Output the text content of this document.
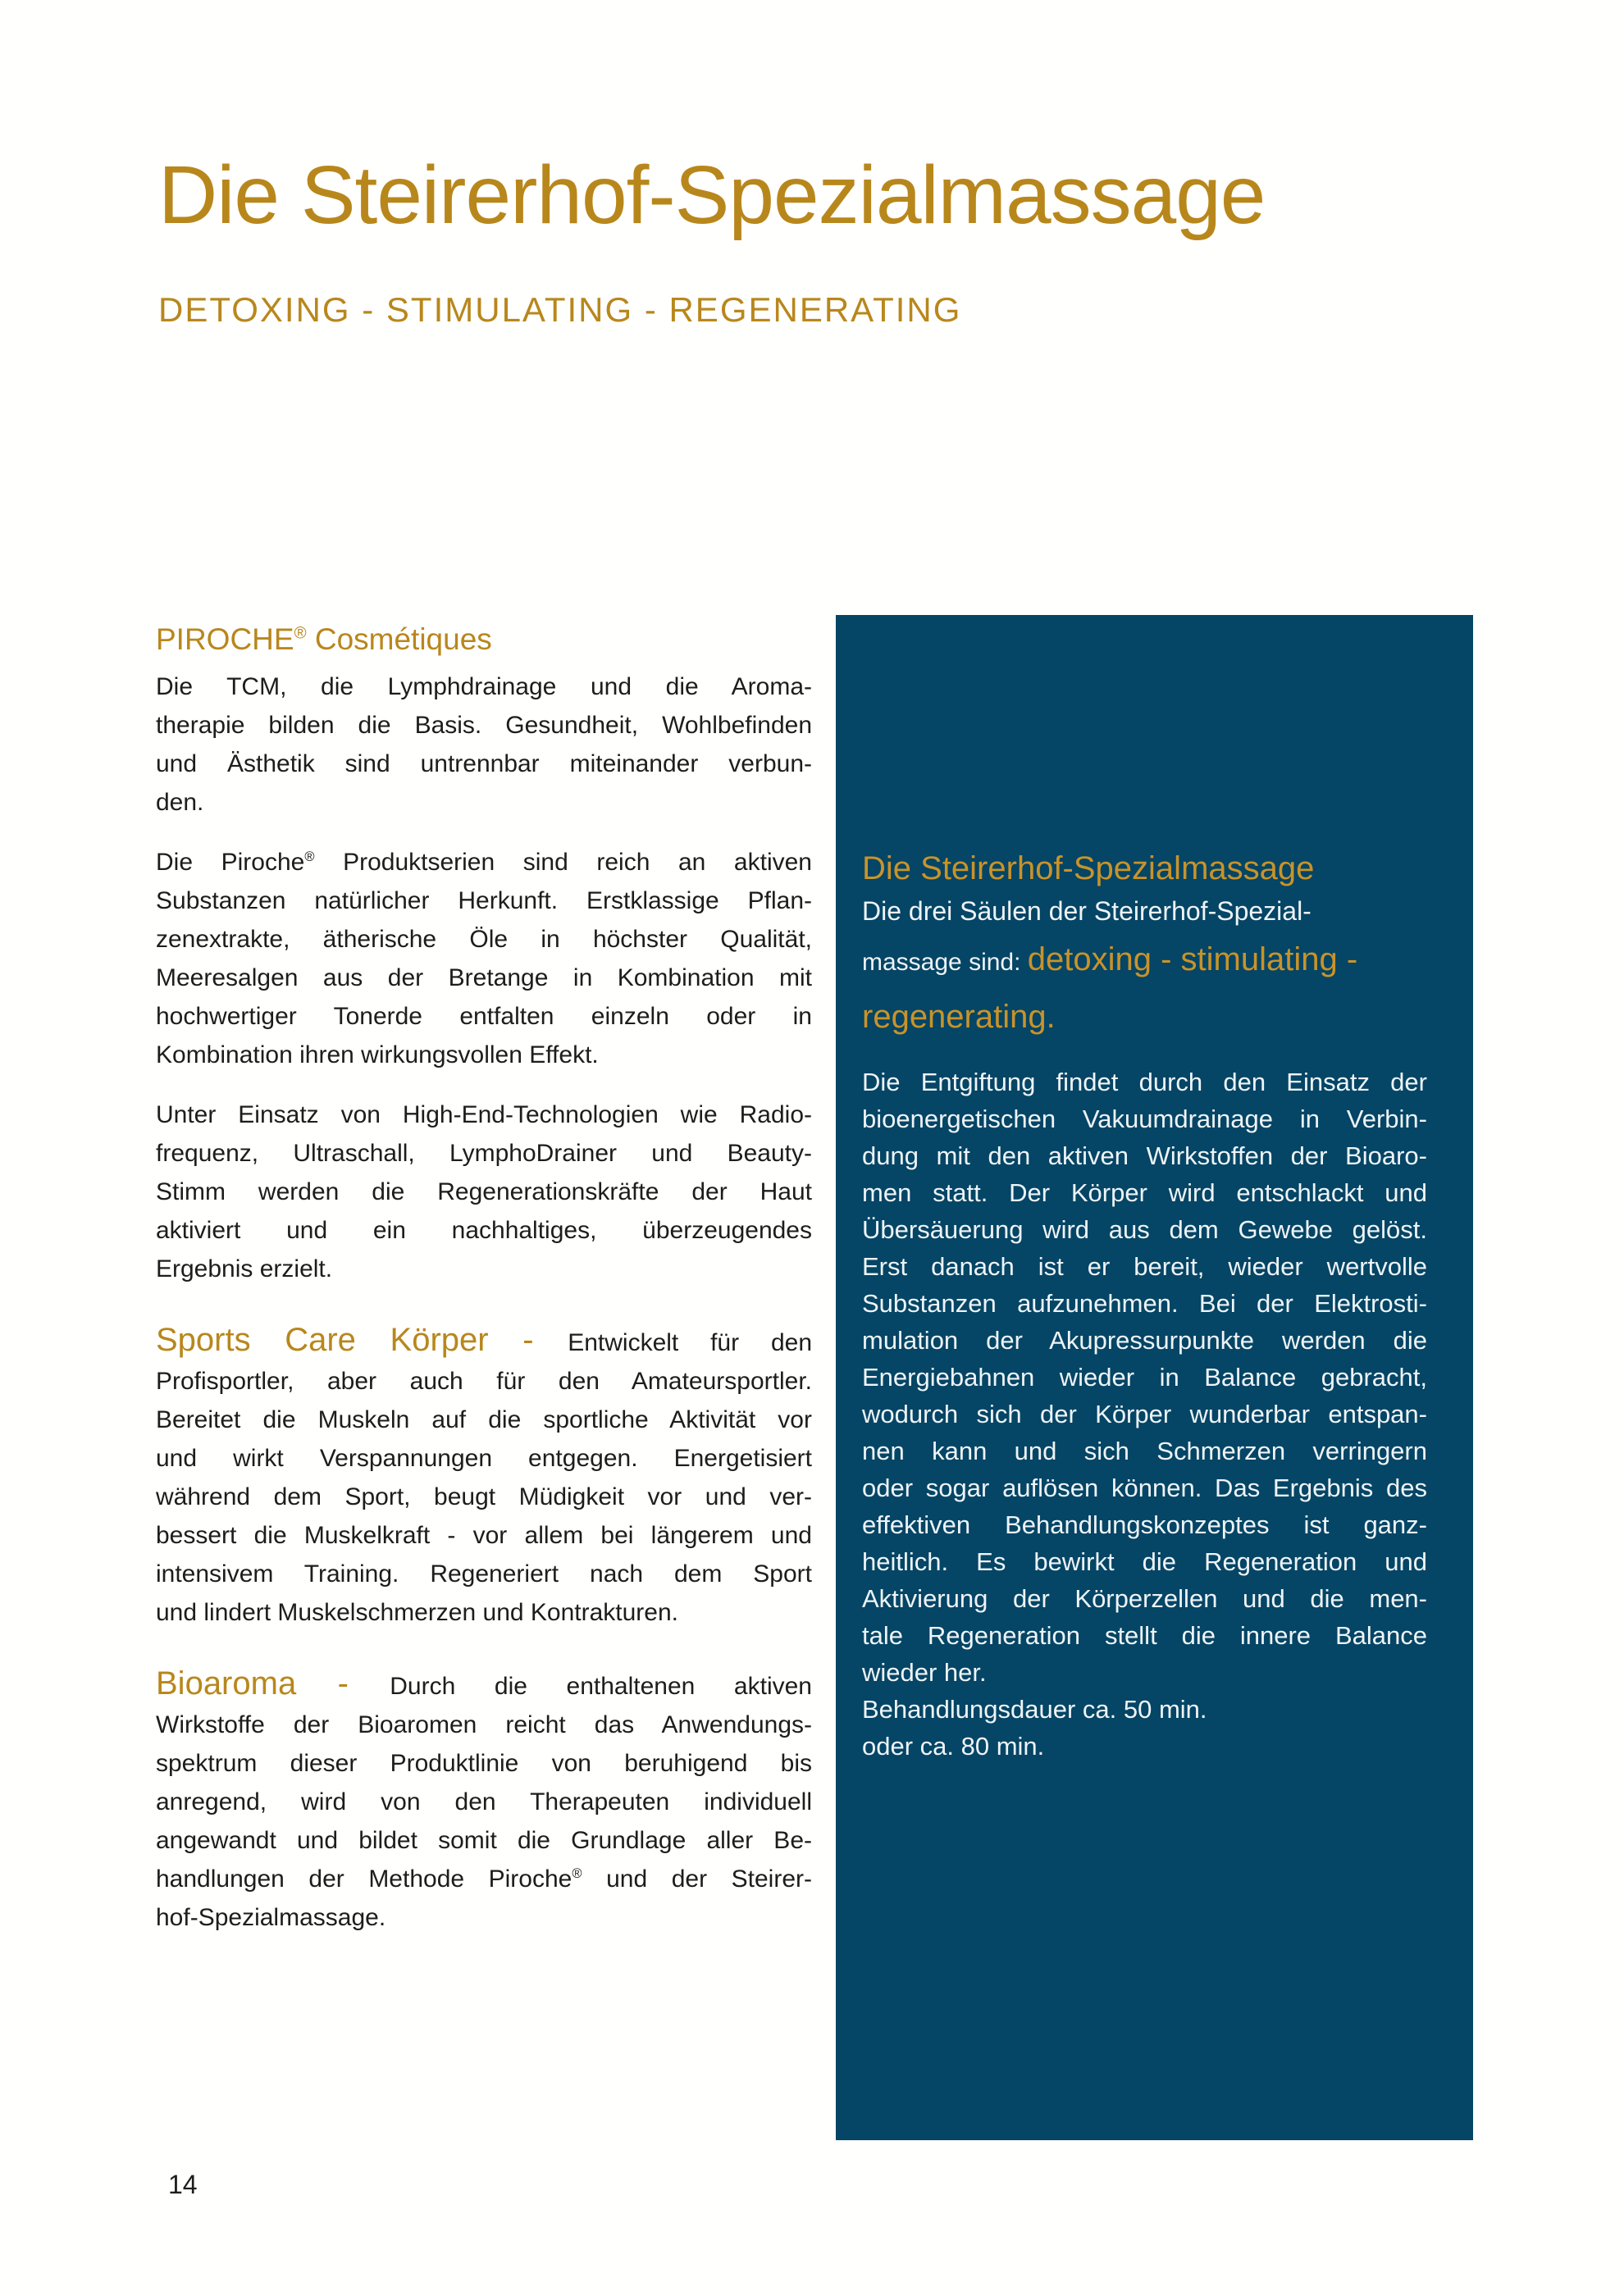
Die Steirerhof-Spezialmassage
DETOXING - STIMULATING - REGENERATING
PIROCHE® Cosmétiques
Die TCM, die Lymphdrainage und die Aroma-
therapie bilden die Basis. Gesundheit, Wohlbefinden
und Ästhetik sind untrennbar miteinander verbun-
den.
Die Piroche® Produktserien sind reich an aktiven
Substanzen natürlicher Herkunft. Erstklassige Pflan-
zenextrakte, ätherische Öle in höchster Qualität,
Meeresalgen aus der Bretange in Kombination mit
hochwertiger Tonerde entfalten einzeln oder in
Kombination ihren wirkungsvollen Effekt.
Unter Einsatz von High-End-Technologien wie Radio-
frequenz, Ultraschall, LymphoDrainer und Beauty-
Stimm werden die Regenerationskräfte der Haut
aktiviert und ein nachhaltiges, überzeugendes
Ergebnis erzielt.
Sports Care Körper - Entwickelt für den
Profisportler, aber auch für den Amateursportler.
Bereitet die Muskeln auf die sportliche Aktivität vor
und wirkt Verspannungen entgegen. Energetisiert
während dem Sport, beugt Müdigkeit vor und ver-
bessert die Muskelkraft - vor allem bei längerem und
intensivem Training. Regeneriert nach dem Sport
und lindert Muskelschmerzen und Kontrakturen.
Bioaroma - Durch die enthaltenen aktiven
Wirkstoffe der Bioaromen reicht das Anwendungs-
spektrum dieser Produktlinie von beruhigend bis
anregend, wird von den Therapeuten individuell
angewandt und bildet somit die Grundlage aller Be-
handlungen der Methode Piroche® und der Steirer-
hof-Spezialmassage.
Die Steirerhof-Spezialmassage
Die drei Säulen der Steirerhof-Spezial-
massage sind: detoxing - stimulating -
regenerating.
Die Entgiftung findet durch den Einsatz der
bioenergetischen Vakuumdrainage in Verbin-
dung mit den aktiven Wirkstoffen der Bioaro-
men statt. Der Körper wird entschlackt und
Übersäuerung wird aus dem Gewebe gelöst.
Erst danach ist er bereit, wieder wertvolle
Substanzen aufzunehmen. Bei der Elektrosti-
mulation der Akupressurpunkte werden die
Energiebahnen wieder in Balance gebracht,
wodurch sich der Körper wunderbar entspan-
nen kann und sich Schmerzen verringern
oder sogar auflösen können. Das Ergebnis des
effektiven Behandlungskonzeptes ist ganz-
heitlich. Es bewirkt die Regeneration und
Aktivierung der Körperzellen und die men-
tale Regeneration stellt die innere Balance
wieder her.
Behandlungsdauer ca. 50 min.
oder ca. 80 min.
14
